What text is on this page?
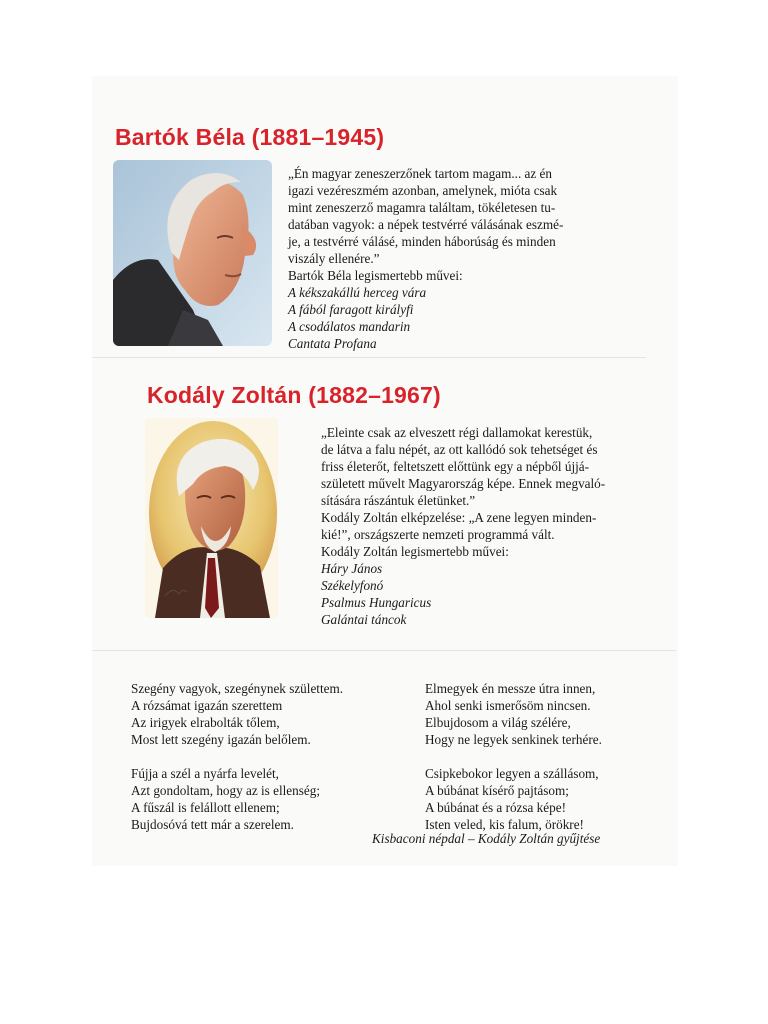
Bartók Béla (1881–1945)

„Én magyar zeneszerzőnek tartom magam... az én
igazi vezéreszmém azonban, amelynek, mióta csak
mint zeneszerző magamra találtam, tökéletesen tu-
datában vagyok: a népek testvérré válásának eszmé-
je, a testvérré válásé, minden háborúság és minden
viszály ellenére.”

Bartók Béla legismertebb művei:

A kékszakállú herceg vára
A fából faragott királyfi
A csodálatos mandarin
Cantata Profana
Kodály Zoltán (1882–1967)

„Eleinte csak az elveszett régi dallamokat kerestük,
de látva a falu népét, az ott kallódó sok tehetséget és
friss életerőt, feltetszett előttünk egy a népből újjá-
született művelt Magyarország képe. Ennek megvaló-
sítására rászántuk életünket.”

Kodály Zoltán elképzelése: „A zene legyen minden-
kié!”, országszerte nemzeti programmá vált.

Kodály Zoltán legismertebb művei:

Háry János
Székelyfonó
Psalmus Hungaricus
Galántai táncok
Szegény vagyok, szegénynek születtem.
A rózsámat igazán szerettem
Az irigyek elrabolták tőlem,
Most lett szegény igazán belőlem.
Fújja a szél a nyárfa levelét,
Azt gondoltam, hogy az is ellenség;
A fűszál is felállott ellenem;
Bujdosóvá tett már a szerelem.
Elmegyek én messze útra innen,
Ahol senki ismerősöm nincsen.
Elbujdosom a világ szélére,
Hogy ne legyek senkinek terhére.
Csipkebokor legyen a szállásom,
A búbánat kísérő pajtásom;
A búbánat és a rózsa képe!
Isten veled, kis falum, örökre!
Kisbaconi népdal – Kodály Zoltán gyűjtése
